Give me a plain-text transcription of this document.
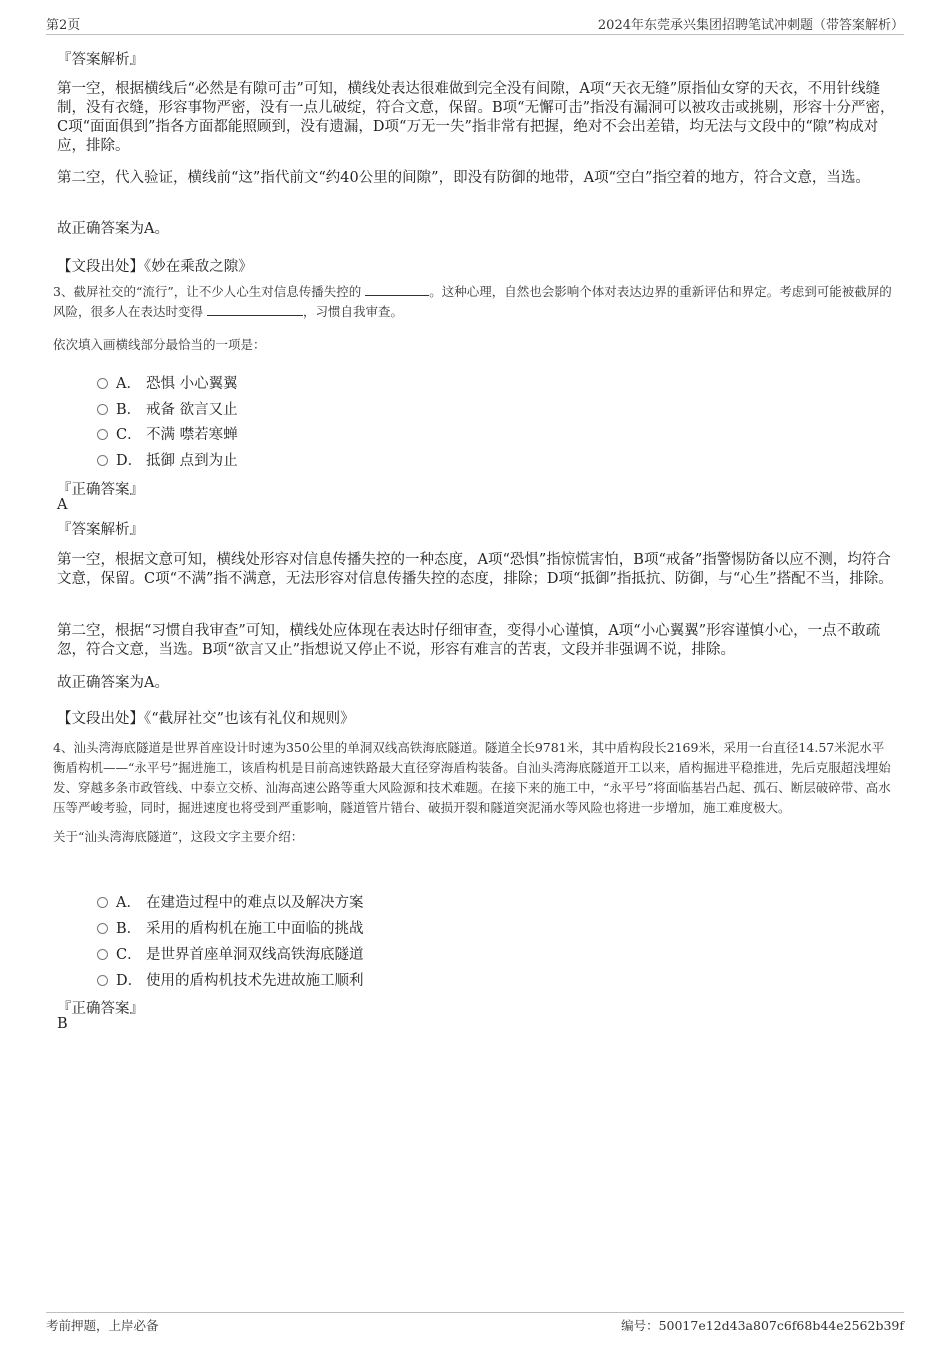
第2页	2024年东莞承兴集团招聘笔试冲刺题（带答案解析）
『答案解析』
第一空，根据横线后“必然是有隙可击”可知，横线处表达很难做到完全没有间隙，A项“天衣无缝”原指仙女穿的天衣，不用针线缝制，没有衣缝，形容事物严密，没有一点儿破绽，符合文意，保留。B项“无懈可击”指没有漏洞可以被攻击或挑剔，形容十分严密，C项“面面俱到”指各方面都能照顾到，没有遗漏，D项“万无一失”指非常有把握，绝对不会出差错，均无法与文段中的“隙”构成对应，排除。
第二空，代入验证，横线前“这”指代前文“约40公里的间隙”，即没有防御的地带，A项“空白”指空着的地方，符合文意，当选。
故正确答案为A。
【文段出处】《妙在乘敌之隙》
3、截屏社交的“流行”，让不少人心生对信息传播失控的	。这种心理，自然也会影响个体对表达边界的重新评估和界定。考虑到可能被截屏的风险，很多人在表达时变得	，习惯自我审查。
依次填入画横线部分最恰当的一项是：
A． 恐惧 小心翼翼
B． 戒备 欲言又止
C． 不满 噤若寒蝉
D． 抵御 点到为止
『正确答案』
A
『答案解析』
第一空，根据文意可知，横线处形容对信息传播失控的一种态度，A项“恐惧”指惊慌害怕，B项“戒备”指警惕防备以应不测，均符合文意，保留。C项“不满”指不满意，无法形容对信息传播失控的态度，排除；D项“抵御”指抵抗、防御，与“心生”搭配不当，排除。
第二空，根据“习惯自我审查”可知，横线处应体现在表达时仔细审查，变得小心谨慎，A项“小心翼翼”形容谨慎小心，一点不敢疏忽，符合文意，当选。B项“欲言又止”指想说又停止不说，形容有难言的苦衷，文段并非强调不说，排除。
故正确答案为A。
【文段出处】《“截屏社交”也该有礼仪和规则》
4、汕头湾海底隧道是世界首座设计时速为350公里的单洞双线高铁海底隧道。隧道全长9781米，其中盾构段长2169米，采用一台直径14.57米泥水平衡盾构机——“永平号”掘进施工，该盾构机是目前高速铁路最大直径穿海盾构装备。自汕头湾海底隧道开工以来，盾构掘进平稳推进，先后克服超浅埋始发、穿越多条市政管线、中泰立交桥、汕海高速公路等重大风险源和技术难题。在接下来的施工中，“永平号”将面临基岩凸起、孤石、断层破碎带、高水压等严峻考验，同时，掘进速度也将受到严重影响，隧道管片错台、破损开裂和隧道突泥涌水等风险也将进一步增加，施工难度极大。
关于“汕头湾海底隧道”，这段文字主要介绍：
A． 在建造过程中的难点以及解决方案
B． 采用的盾构机在施工中面临的挑战
C． 是世界首座单洞双线高铁海底隧道
D． 使用的盾构机技术先进故施工顺利
『正确答案』
B
考前押题，上岸必备	编号：50017e12d43a807c6f68b44e2562b39f
